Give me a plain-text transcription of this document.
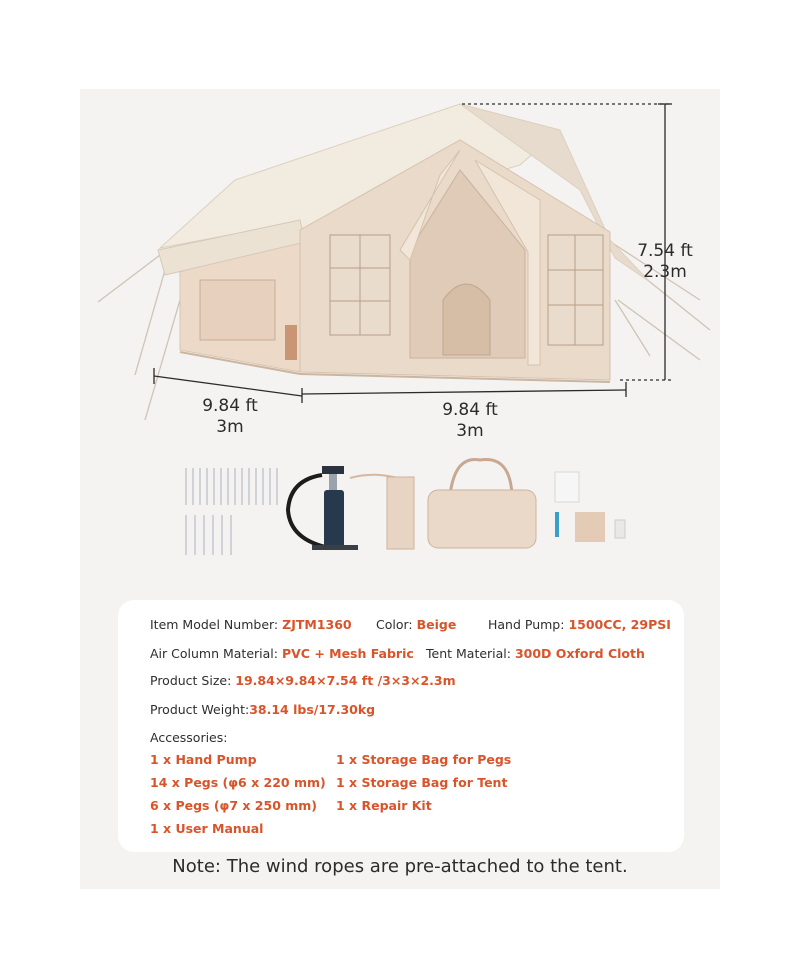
7.54 ft
2.3m
9.84 ft
3m
9.84 ft
3m
Item Model Number: ZJTM1360 Color: Beige	Hand Pump: 1500CC, 29PSI
Air Column Material: PVC + Mesh Fabric Tent Material: 300D Oxford Cloth
Product Size: 19.84×9.84×7.54 ft /3×3×2.3m
Product Weight:38.14 lbs/17.30kg
Accessories:
1 x Hand Pump
14 x Pegs (φ6 x 220 mm)
6 x Pegs (φ7 x 250 mm)
1 x User Manual
1 x Storage Bag for Pegs
1 x Storage Bag for Tent
1 x Repair Kit
Note: The wind ropes are pre-attached to the tent.
